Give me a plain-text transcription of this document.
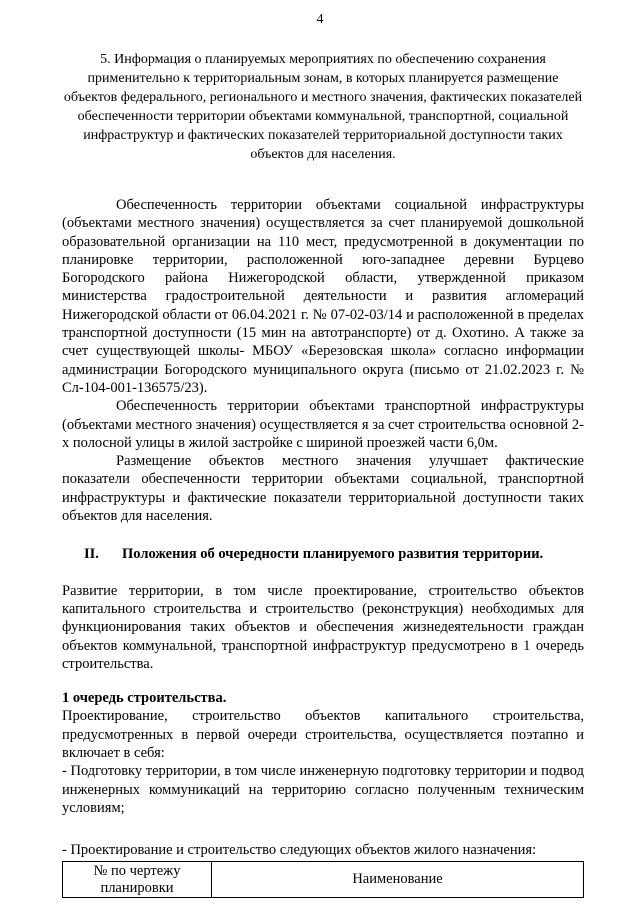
4
5. Информация о планируемых мероприятиях по обеспечению сохранения применительно к территориальным зонам, в которых планируется размещение объектов федерального, регионального и местного значения, фактических показателей обеспеченности территории объектами коммунальной, транспортной, социальной инфраструктур и фактических показателей территориальной доступности таких объектов для населения.

Обеспеченность территории объектами социальной инфраструктуры (объектами местного значения) осуществляется за счет планируемой дошкольной образовательной организации на 110 мест, предусмотренной в документации по планировке территории, расположенной юго-западнее деревни Бурцево Богородского района Нижегородской области, утвержденной приказом министерства градостроительной деятельности и развития агломераций Нижегородской области от 06.04.2021 г. № 07-02-03/14 и расположенной в пределах транспортной доступности (15 мин на автотранспорте) от д. Охотино. А также за счет существующей школы- МБОУ «Березовская школа» согласно информации администрации Богородского муниципального округа (письмо от 21.02.2023 г. № Сл-104-001-136575/23).

Обеспеченность территории объектами транспортной инфраструктуры (объектами местного значения) осуществляется я за счет строительства основной 2-х полосной улицы в жилой застройке с шириной проезжей части 6,0м.

Размещение объектов местного значения улучшает фактические показатели обеспеченности территории объектами социальной, транспортной инфраструктуры и фактические показатели территориальной доступности таких объектов для населения.

II. Положения об очередности планируемого развития территории.

Развитие территории, в том числе проектирование, строительство объектов капитального строительства и строительство (реконструкция) необходимых для функционирования таких объектов и обеспечения жизнедеятельности граждан объектов коммунальной, транспортной инфраструктур предусмотрено в 1 очередь строительства.

1 очередь строительства.

Проектирование, строительство объектов капитального строительства, предусмотренных в первой очереди строительства, осуществляется поэтапно и включает в себя:

- Подготовку территории, в том числе инженерную подготовку территории и подвод инженерных коммуникаций на территорию согласно полученным техническим условиям;

- Проектирование и строительство следующих объектов жилого назначения:

№ по чертежу планировки	Наименование
